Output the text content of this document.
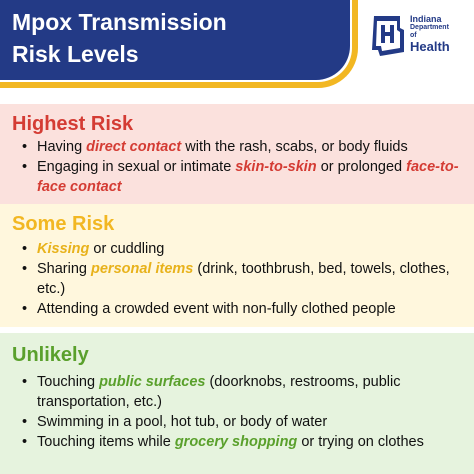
Mpox Transmission
Risk Levels
Indiana
Department
of
Health
Highest Risk
• Having direct contact with the rash, scabs, or body fluids
• Engaging in sexual or intimate skin-to-skin or prolonged face-to-face contact
Some Risk
• Kissing or cuddling
• Sharing personal items (drink, toothbrush, bed, towels, clothes, etc.)
• Attending a crowded event with non-fully clothed people
Unlikely
• Touching public surfaces (doorknobs, restrooms, public transportation, etc.)
• Swimming in a pool, hot tub, or body of water
• Touching items while grocery shopping or trying on clothes
